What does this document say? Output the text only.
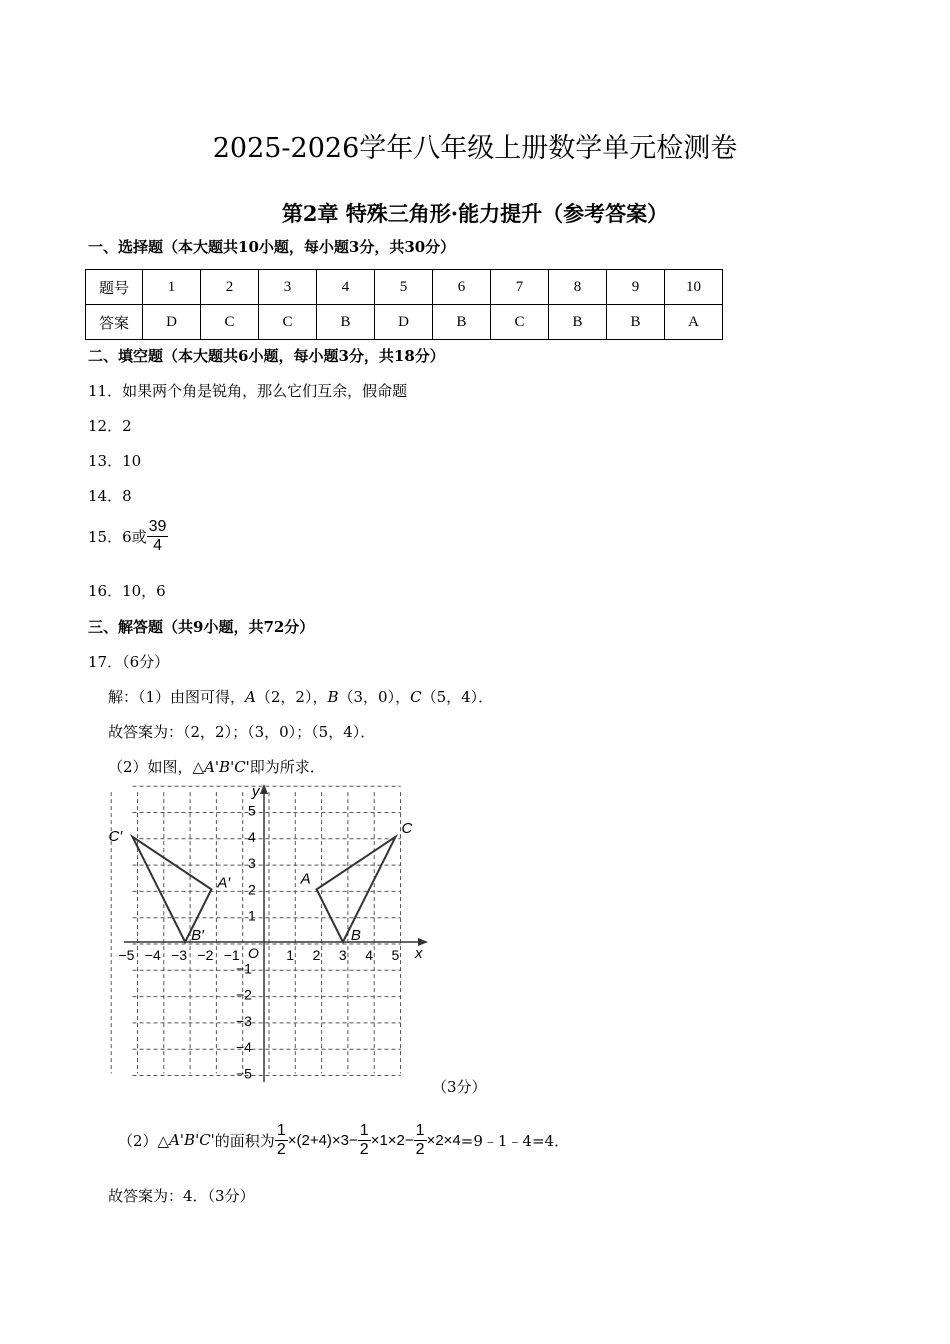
2025-2026学年八年级上册数学单元检测卷
第2章 特殊三角形·能力提升（参考答案）
一、选择题（本大题共10小题，每小题3分，共30分）
题号	1	2	3	4	5	6	7	8	9	10
答案	D	C	C	B	D	B	C	B	B	A
二、填空题（本大题共6小题，每小题3分，共18分）
11．如果两个角是锐角，那么它们互余，假命题
12．2
13．10
14．8
15．6或 $\frac{39}{4}$
16．10，6
三、解答题（共9小题，共72分）
17．（6分）
解：（1）由图可得，A（2，2），B（3，0），C（5，4）．
故答案为：（2，2）；（3，0）；（5，4）．
（2）如图，△A'B'C'即为所求．
x
y
O
−5 −4 −3 −2 −1	1 2 3 4 5
5
4
3
2
1
−1
−2
−3
−4
−5
A
B
C
A′
B′
C′
（3分）
（2）△ A'B'C' 的面积为 $\frac{1}{2} \times(2+4)\times 3- \frac{1}{2} \times 1\times 2- \frac{1}{2} \times 2\times 4$ =9﹣1﹣4=4．
故答案为：4．（3分）
